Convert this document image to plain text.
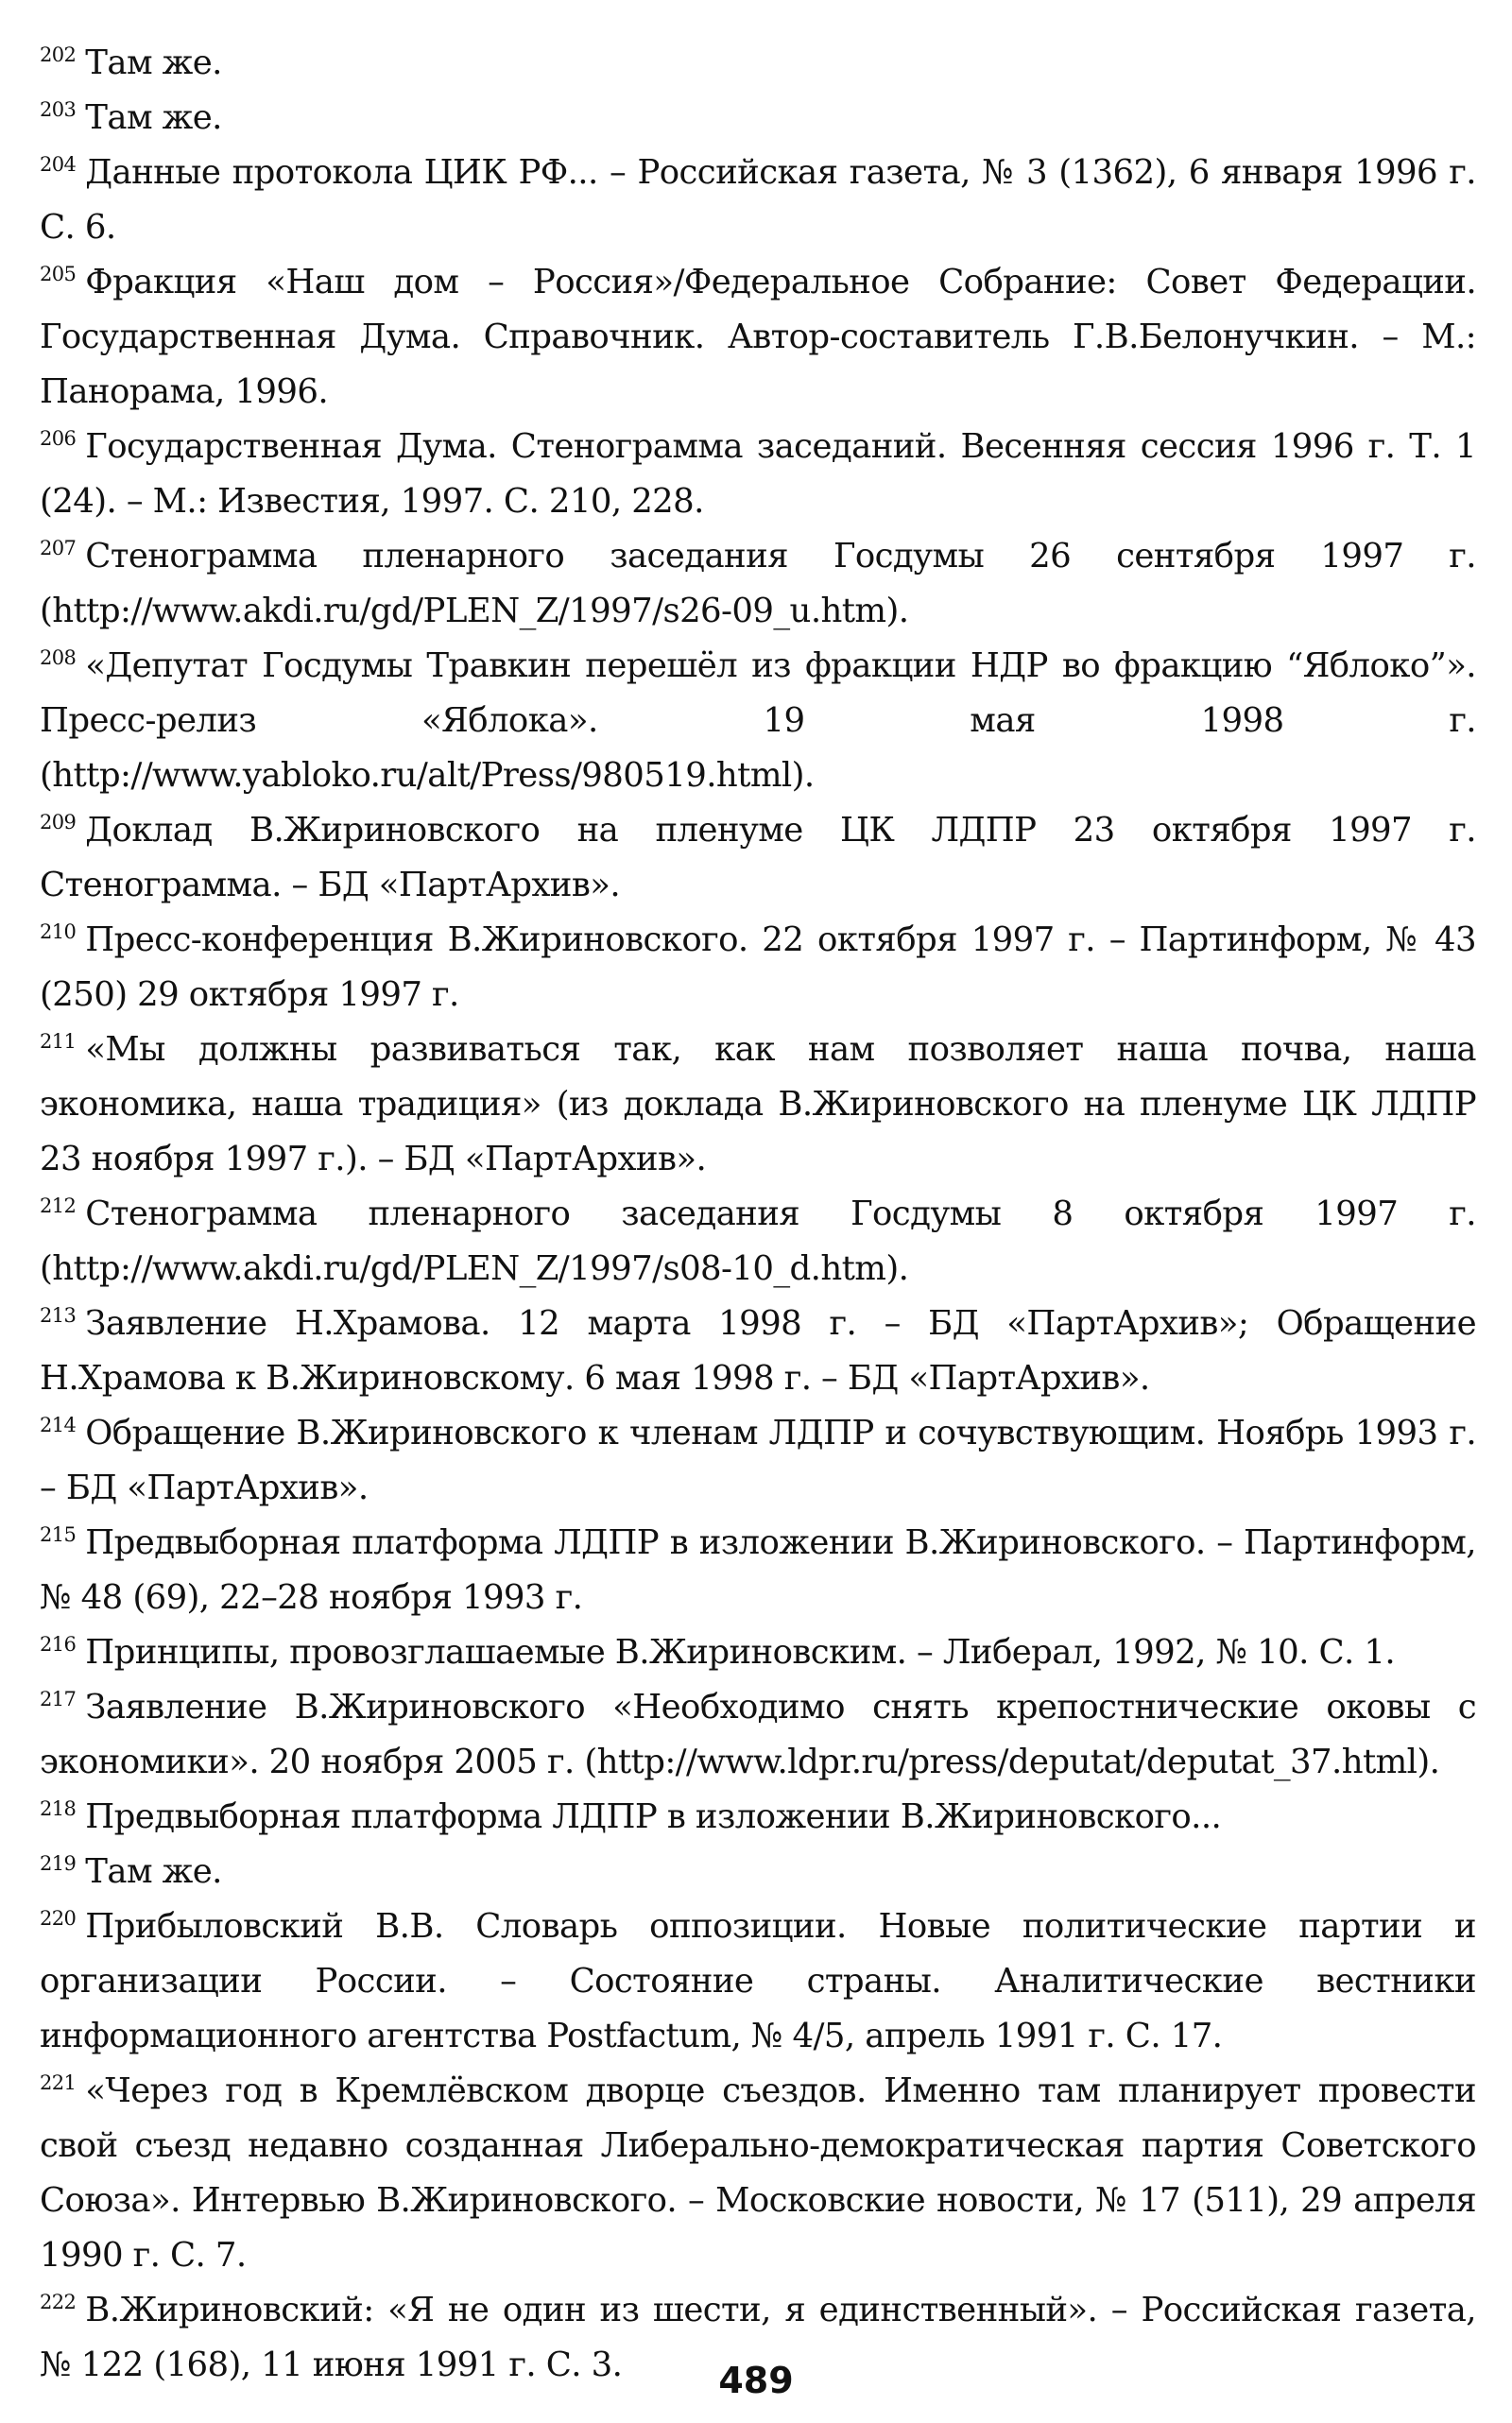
$^{202}$ Там же.
$^{203}$ Там же.
$^{204}$ Данные протокола ЦИК РФ... – Российская газета, № 3 (1362), 6 января 1996 г. С. 6.
$^{205}$ Фракция «Наш дом – Россия»/Федеральное Собрание: Совет Федерации. Государственная Дума. Справочник. Автор-составитель Г.В.Белонучкин. – М.: Панорама, 1996.
$^{206}$ Государственная Дума. Стенограмма заседаний. Весенняя сессия 1996 г. Т. 1 (24). – М.: Известия, 1997. С. 210, 228.
$^{207}$ Стенограмма пленарного заседания Госдумы 26 сентября 1997 г. (http://www.akdi.ru/gd/PLEN_Z/1997/s26-09_u.htm).
$^{208}$ «Депутат Госдумы Травкин перешёл из фракции НДР во фракцию “Яблоко”». Пресс-релиз «Яблока». 19 мая 1998 г. (http://www.yabloko.ru/alt/Press/980519.html).
$^{209}$ Доклад В.Жириновского на пленуме ЦК ЛДПР 23 октября 1997 г. Стенограмма. – БД «ПартАрхив».
$^{210}$ Пресс-конференция В.Жириновского. 22 октября 1997 г. – Партинформ, № 43 (250) 29 октября 1997 г.
$^{211}$ «Мы должны развиваться так, как нам позволяет наша почва, наша экономика, наша традиция» (из доклада В.Жириновского на пленуме ЦК ЛДПР 23 ноября 1997 г.). – БД «ПартАрхив».
$^{212}$ Стенограмма пленарного заседания Госдумы 8 октября 1997 г. (http://www.akdi.ru/gd/PLEN_Z/1997/s08-10_d.htm).
$^{213}$ Заявление Н.Храмова. 12 марта 1998 г. – БД «ПартАрхив»; Обращение Н.Храмова к В.Жириновскому. 6 мая 1998 г. – БД «ПартАрхив».
$^{214}$ Обращение В.Жириновского к членам ЛДПР и сочувствующим. Ноябрь 1993 г. – БД «ПартАрхив».
$^{215}$ Предвыборная платформа ЛДПР в изложении В.Жириновского. – Партинформ, № 48 (69), 22–28 ноября 1993 г.
$^{216}$ Принципы, провозглашаемые В.Жириновским. – Либерал, 1992, № 10. С. 1.
$^{217}$ Заявление В.Жириновского «Необходимо снять крепостнические оковы с экономики». 20 ноября 2005 г. (http://www.ldpr.ru/press/deputat/deputat_37.html).
$^{218}$ Предвыборная платформа ЛДПР в изложении В.Жириновского...
$^{219}$ Там же.
$^{220}$ Прибыловский В.В. Словарь оппозиции. Новые политические партии и организации России. – Состояние страны. Аналитические вестники информационного агентства Postfactum, № 4/5, апрель 1991 г. С. 17.
$^{221}$ «Через год в Кремлёвском дворце съездов. Именно там планирует провести свой съезд недавно созданная Либерально-демократическая партия Советского Союза». Интервью В.Жириновского. – Московские новости, № 17 (511), 29 апреля 1990 г. С. 7.
$^{222}$ В.Жириновский: «Я не один из шести, я единственный». – Российская газета, № 122 (168), 11 июня 1991 г. С. 3.	489
